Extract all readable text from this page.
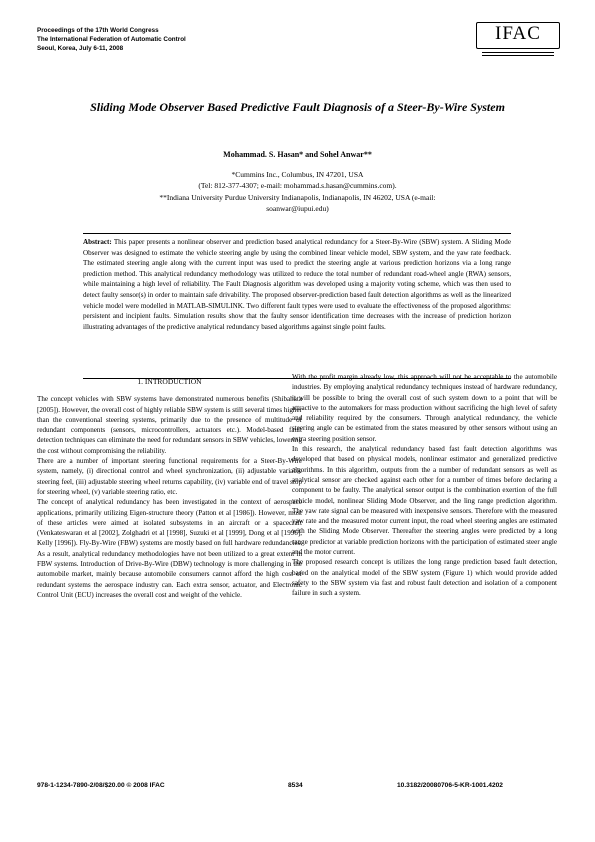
Proceedings of the 17th World Congress
The International Federation of Automatic Control
Seoul, Korea, July 6-11, 2008
IFAC
Sliding Mode Observer Based Predictive Fault Diagnosis of a Steer-By-Wire System
Mohammad. S. Hasan* and Sohel Anwar**
*Cummins Inc., Columbus, IN 47201, USA
(Tel: 812-377-4307; e-mail: mohammad.s.hasan@cummins.com).
**Indiana University Purdue University Indianapolis, Indianapolis, IN 46202, USA (e-mail:
soanwar@iupui.edu)
Abstract: This paper presents a nonlinear observer and prediction based analytical redundancy for a Steer-By-Wire (SBW) system. A Sliding Mode Observer was designed to estimate the vehicle steering angle by using the combined linear vehicle model, SBW system, and the yaw rate feedback. The estimated steering angle along with the current input was used to predict the steering angle at various prediction horizons via a long range prediction method. This analytical redundancy methodology was utilized to reduce the total number of redundant road-wheel angle (RWA) sensors, while maintaining a high level of reliability. The Fault Diagnosis algorithm was developed using a majority voting scheme, which was then used to detect faulty sensor(s) in order to maintain safe drivability. The proposed observer-prediction based fault detection algorithms as well as the linearized vehicle model were modelled in MATLAB-SIMULINK. Two different fault types were used to evaluate the effectiveness of the proposed algorithms: persistent and incipient faults. Simulation results show that the faulty sensor identification time decreases with the increase of prediction horizon illustrating advantages of the predictive analytical redundancy based algorithms against single point faults.
1. INTRODUCTION

The concept vehicles with SBW systems have demonstrated numerous benefits (Shibahata [2005]). However, the overall cost of highly reliable SBW system is still several times higher than the conventional steering systems, primarily due to the presence of multitude of redundant components (sensors, microcontrollers, actuators etc.). Model-based fault detection techniques can eliminate the need for redundant sensors in SBW vehicles, lowering the cost without compromising the reliability.

There are a number of important steering functional requirements for a Steer-By-Wire system, namely, (i) directional control and wheel synchronization, (ii) adjustable variable steering feel, (iii) adjustable steering wheel returns capability, (iv) variable end of travel stop for steering wheel, (v) variable steering ratio, etc.

The concept of analytical redundancy has been investigated in the context of aerospace applications, primarily utilizing Eigen-structure theory (Patton et al [1986]). However, most of these articles were aimed at isolated subsystems in an aircraft or a spacecraft (Venkateswaran et al [2002], Zolghadri et al [1998], Suzuki et al [1999], Dong et al [1996], Kelly [1996]). Fly-By-Wire (FBW) systems are mostly based on full hardware redundancies. As a result, analytical redundancy methodologies have not been utilized to a great extent in FBW systems. Introduction of Drive-By-Wire (DBW) technology is more challenging in the automobile market, mainly because automobile consumers cannot afford the high cost of redundant systems the aerospace industry can. Each extra sensor, actuator, and Electronic Control Unit (ECU) increases the overall cost and weight of the vehicle.

With the profit margin already low, this approach will not be acceptable to the automobile industries. By employing analytical redundancy techniques instead of hardware redundancy, it will be possible to bring the overall cost of such system down to a point that will be attractive to the automakers for mass production without sacrificing the high level of safety and reliability required by the consumers. Through analytical redundancy, the vehicle steering angle can be estimated from the states measured by other sensors without using an extra steering position sensor.

In this research, the analytical redundancy based fast fault detection algorithms was developed that based on physical models, nonlinear estimator and generalized predictive algorithms. In this algorithm, outputs from the a number of redundant sensors as well as analytical sensor are checked against each other for a number of times before declaring a component to be faulty. The analytical sensor output is the combination exertion of the full vehicle model, nonlinear Sliding Mode Observer, and the ling range prediction algorithm. The yaw rate signal can be measured with inexpensive sensors. Therefore with the measured yaw rate and the measured motor current input, the road wheel steering angles are estimated with the Sliding Mode Observer. Thereafter the steering angles were predicted by a long range predictor at variable prediction horizons with the participation of estimated steer angle and the motor current.

The proposed research concept is utilizes the long range prediction based fault detection, based on the analytical model of the SBW system (Figure 1) which would provide added safety to the SBW system via fast and robust fault detection and isolation of a component failure in such a system.

978-1-1234-7890-2/08/$20.00 © 2008 IFAC	8534	10.3182/20080706-5-KR-1001.4202
